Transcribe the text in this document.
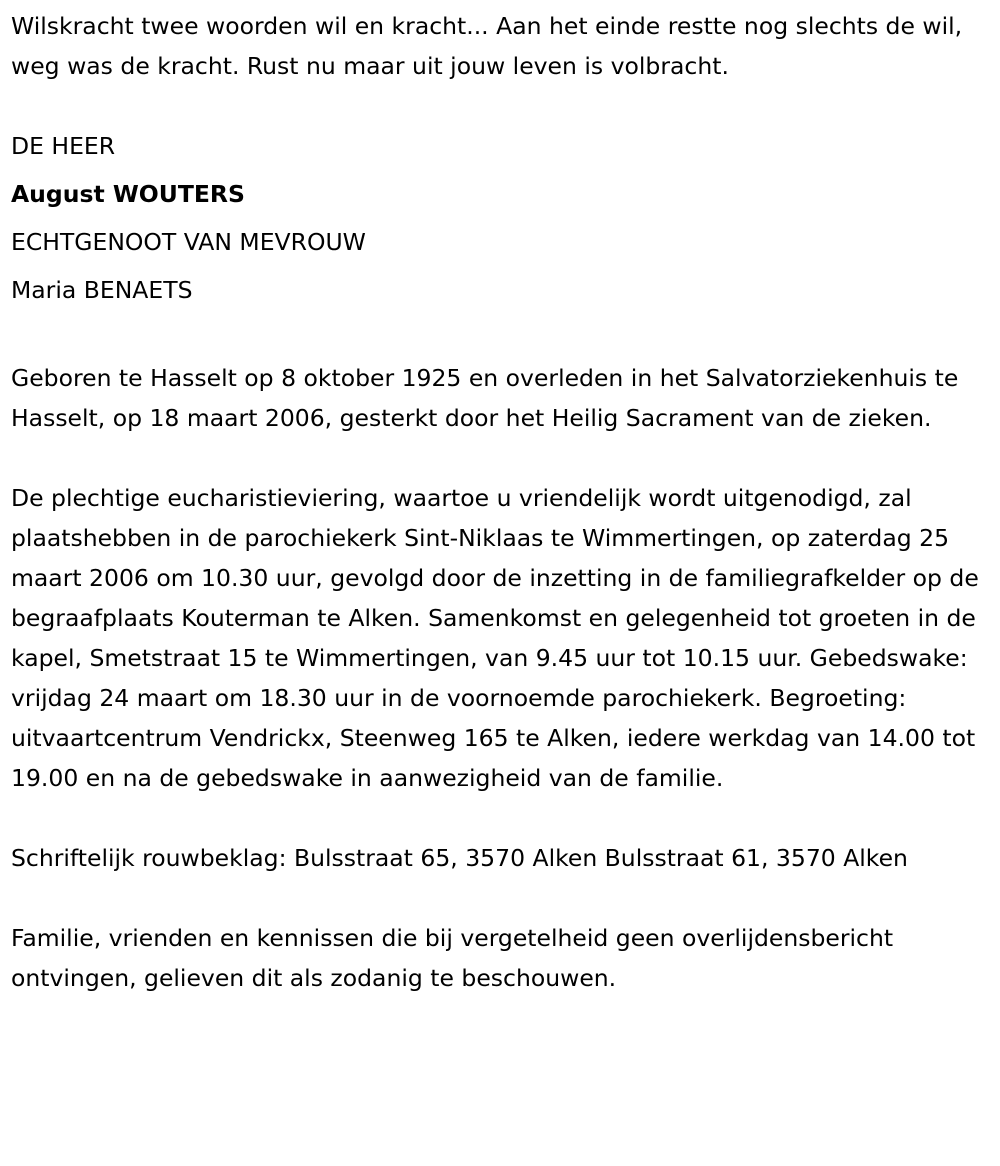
Wilskracht twee woorden wil en kracht... Aan het einde restte nog slechts de wil, weg was de kracht. Rust nu maar uit jouw leven is volbracht.

DE HEER

August WOUTERS

ECHTGENOOT VAN MEVROUW

Maria BENAETS

Geboren te Hasselt op 8 oktober 1925 en overleden in het Salvatorziekenhuis te Hasselt, op 18 maart 2006, gesterkt door het Heilig Sacrament van de zieken.

De plechtige eucharistieviering, waartoe u vriendelijk wordt uitgenodigd, zal plaatshebben in de parochiekerk Sint-Niklaas te Wimmertingen, op zaterdag 25 maart 2006 om 10.30 uur, gevolgd door de inzetting in de familiegrafkelder op de begraafplaats Kouterman te Alken. Samenkomst en gelegenheid tot groeten in de kapel, Smetstraat 15 te Wimmertingen, van 9.45 uur tot 10.15 uur. Gebedswake: vrijdag 24 maart om 18.30 uur in de voornoemde parochiekerk. Begroeting: uitvaartcentrum Vendrickx, Steenweg 165 te Alken, iedere werkdag van 14.00 tot 19.00 en na de gebedswake in aanwezigheid van de familie.

Schriftelijk rouwbeklag: Bulsstraat 65, 3570 Alken Bulsstraat 61, 3570 Alken

Familie, vrienden en kennissen die bij vergetelheid geen overlijdensbericht ontvingen, gelieven dit als zodanig te beschouwen.
